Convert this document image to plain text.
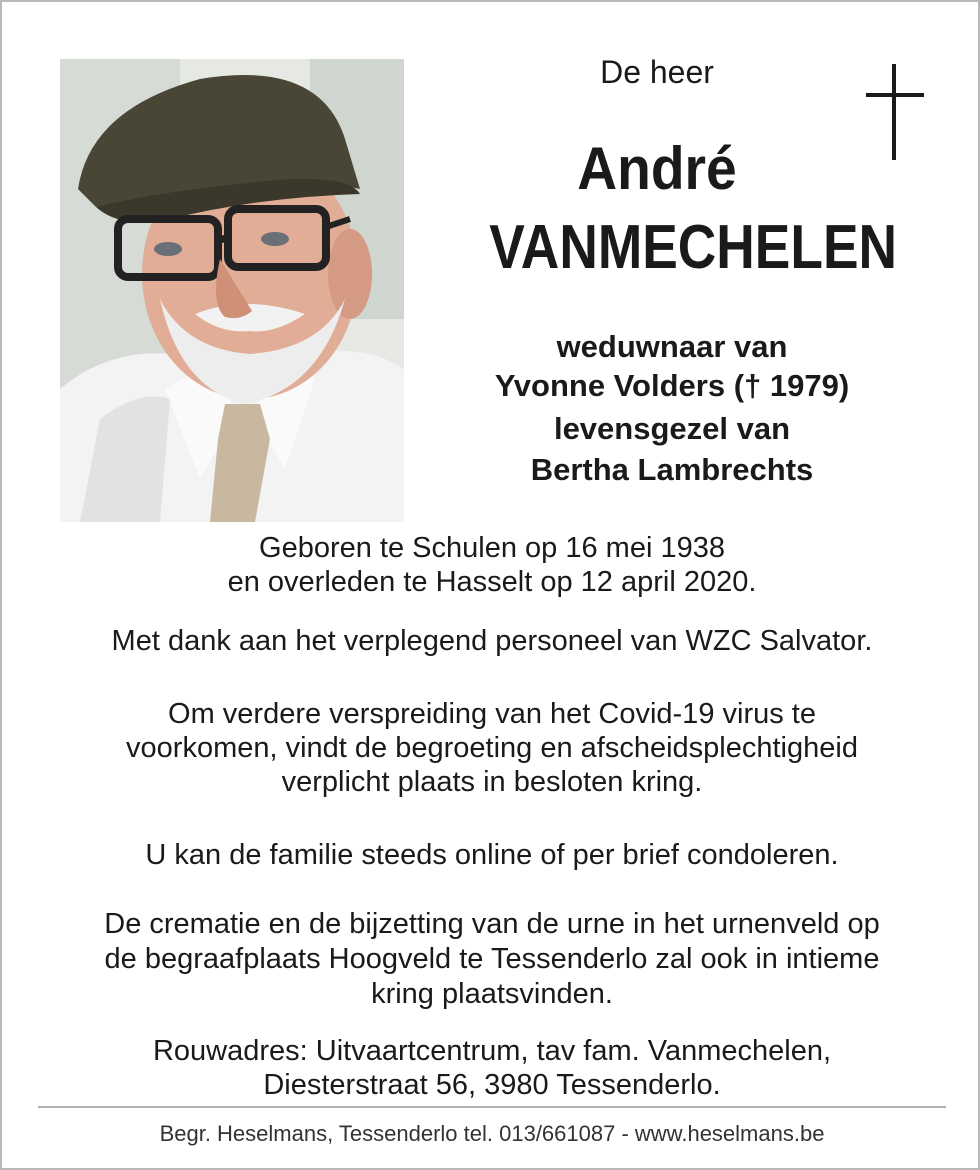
De heer
André
VANMECHELEN
weduwnaar van
Yvonne Volders († 1979)
levensgezel van
Bertha Lambrechts
Geboren te Schulen op 16 mei 1938
en overleden te Hasselt op 12 april 2020.
Met dank aan het verplegend personeel van WZC Salvator.
Om verdere verspreiding van het Covid-19 virus te
voorkomen, vindt de begroeting en afscheidsplechtigheid
verplicht plaats in besloten kring.
U kan de familie steeds online of per brief condoleren.
De crematie en de bijzetting van de urne in het urnenveld op
de begraafplaats Hoogveld te Tessenderlo zal ook in intieme
kring plaatsvinden.
Rouwadres: Uitvaartcentrum, tav fam. Vanmechelen,
Diesterstraat 56, 3980 Tessenderlo.
Begr. Heselmans, Tessenderlo tel. 013/661087 - www.heselmans.be
